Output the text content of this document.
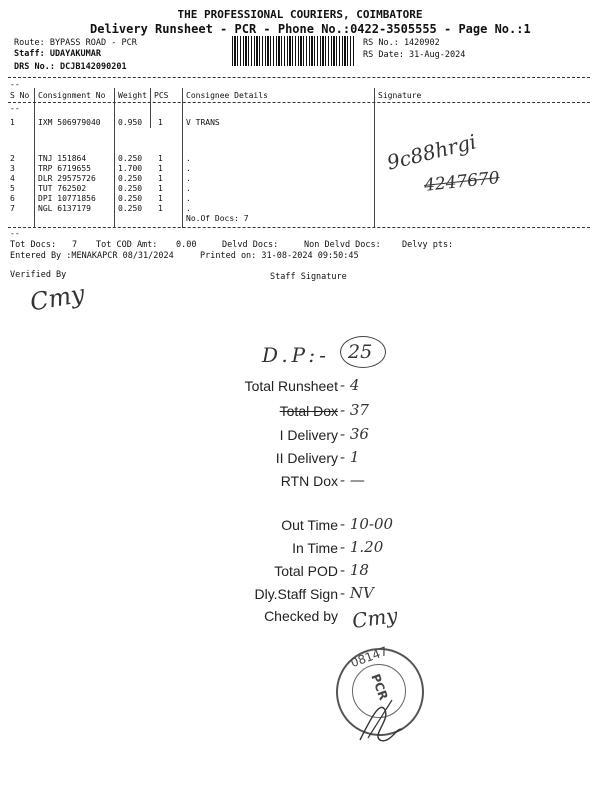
THE PROFESSIONAL COURIERS, COIMBATORE
Delivery Runsheet - PCR - Phone No.:0422-3505555 - Page No.:1
Route: BYPASS ROAD - PCR
Staff: UDAYAKUMAR
DRS No.: DCJB142090201
RS No.: 1420902
RS Date: 31-Aug-2024
--
S No Consignment No Weight PCS Consignee Details	Signature
--
1	IXM 506979040 0.950 1	V TRANS
2	TNJ 151864	0.250 1	.
3	TRP 6719655	1.700 1	.
4	DLR 29575726	0.250 1	.
5	TUT 762502	0.250 1	.
6	DPI 10771856	0.250 1	.
7	NGL 6137179	0.250 1	.
No.Of Docs: 7
9c88hrgi
4247670
--
Tot Docs: 7 Tot COD Amt: 0.00	Delvd Docs:	Non Delvd Docs: Delvy pts:
Entered By :MENAKAPCR 08/31/2024	Printed on: 31-08-2024 09:50:45
Verified By	Staff Signature
Cmy
D.P:- 25
Total Runsheet - 4
Total Dox - 37
I Delivery - 36
II Delivery - 1
RTN Dox - —
Out Time - 10-00
In Time - 1.20
Total POD - 18
Dly.Staff Sign - NV
Checked by Cmy
08147
PCR
